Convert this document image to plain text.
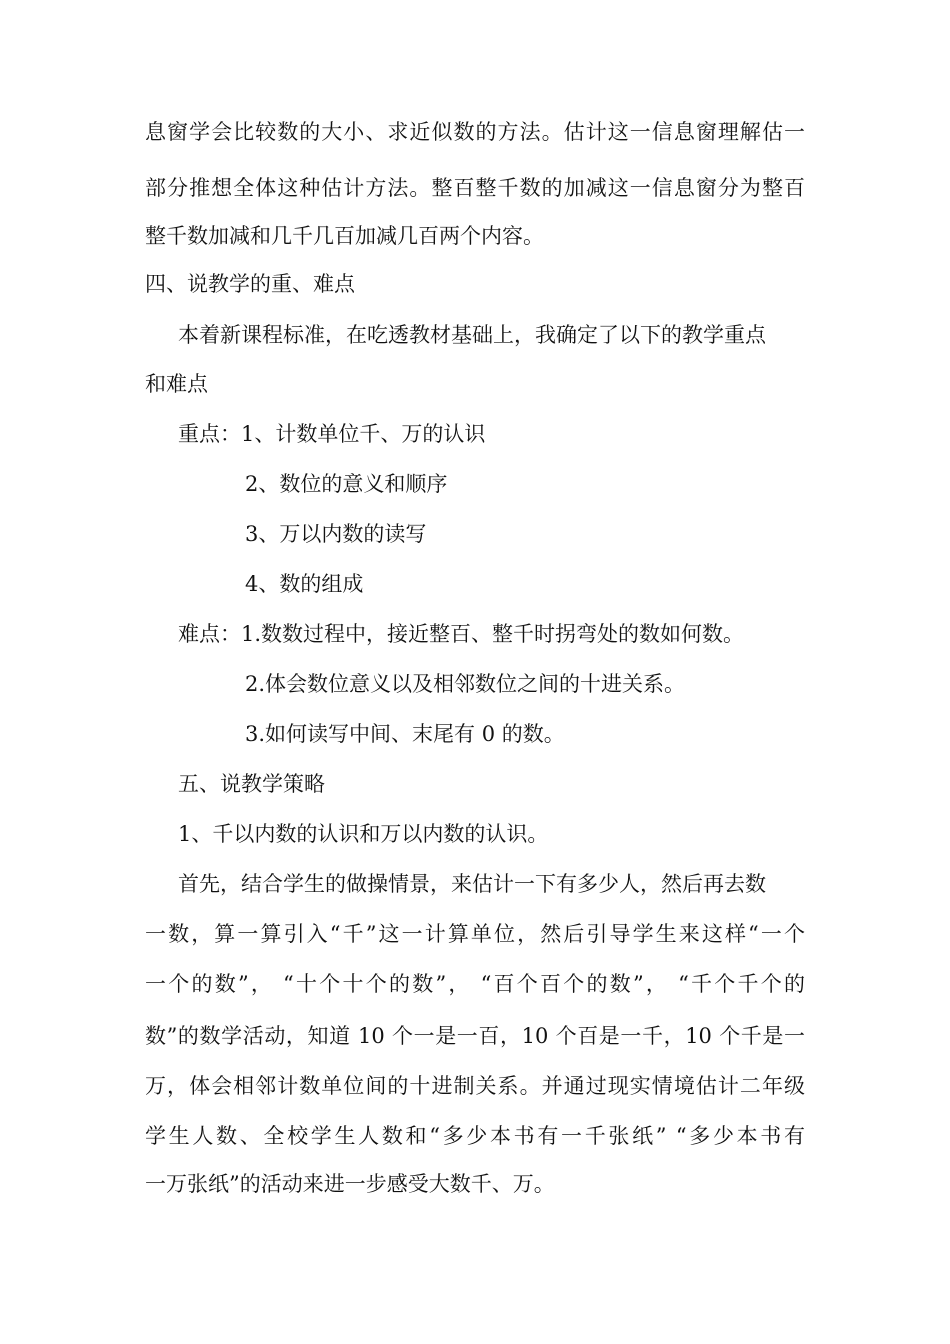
息窗学会比较数的大小、求近似数的方法。估计这一信息窗理解估一
部分推想全体这种估计方法。整百整千数的加减这一信息窗分为整百
整千数加减和几千几百加减几百两个内容。
四、说教学的重、难点
本着新课程标准，在吃透教材基础上，我确定了以下的教学重点
和难点
重点：1、计数单位千、万的认识
2、数位的意义和顺序
3、万以内数的读写
4、数的组成
难点：1.数数过程中，接近整百、整千时拐弯处的数如何数。
2.体会数位意义以及相邻数位之间的十进关系。
3.如何读写中间、末尾有 0 的数。
五、说教学策略
1、千以内数的认识和万以内数的认识。
首先，结合学生的做操情景，来估计一下有多少人，然后再去数
一数，算一算引入“千”这一计算单位，然后引导学生来这样“一个
一个的数”， “十个十个的数”， “百个百个的数”， “千个千个的
数”的数学活动，知道 10 个一是一百，10 个百是一千，10 个千是一
万，体会相邻计数单位间的十进制关系。并通过现实情境估计二年级
学生人数、全校学生人数和“多少本书有一千张纸” “多少本书有
一万张纸”的活动来进一步感受大数千、万。
